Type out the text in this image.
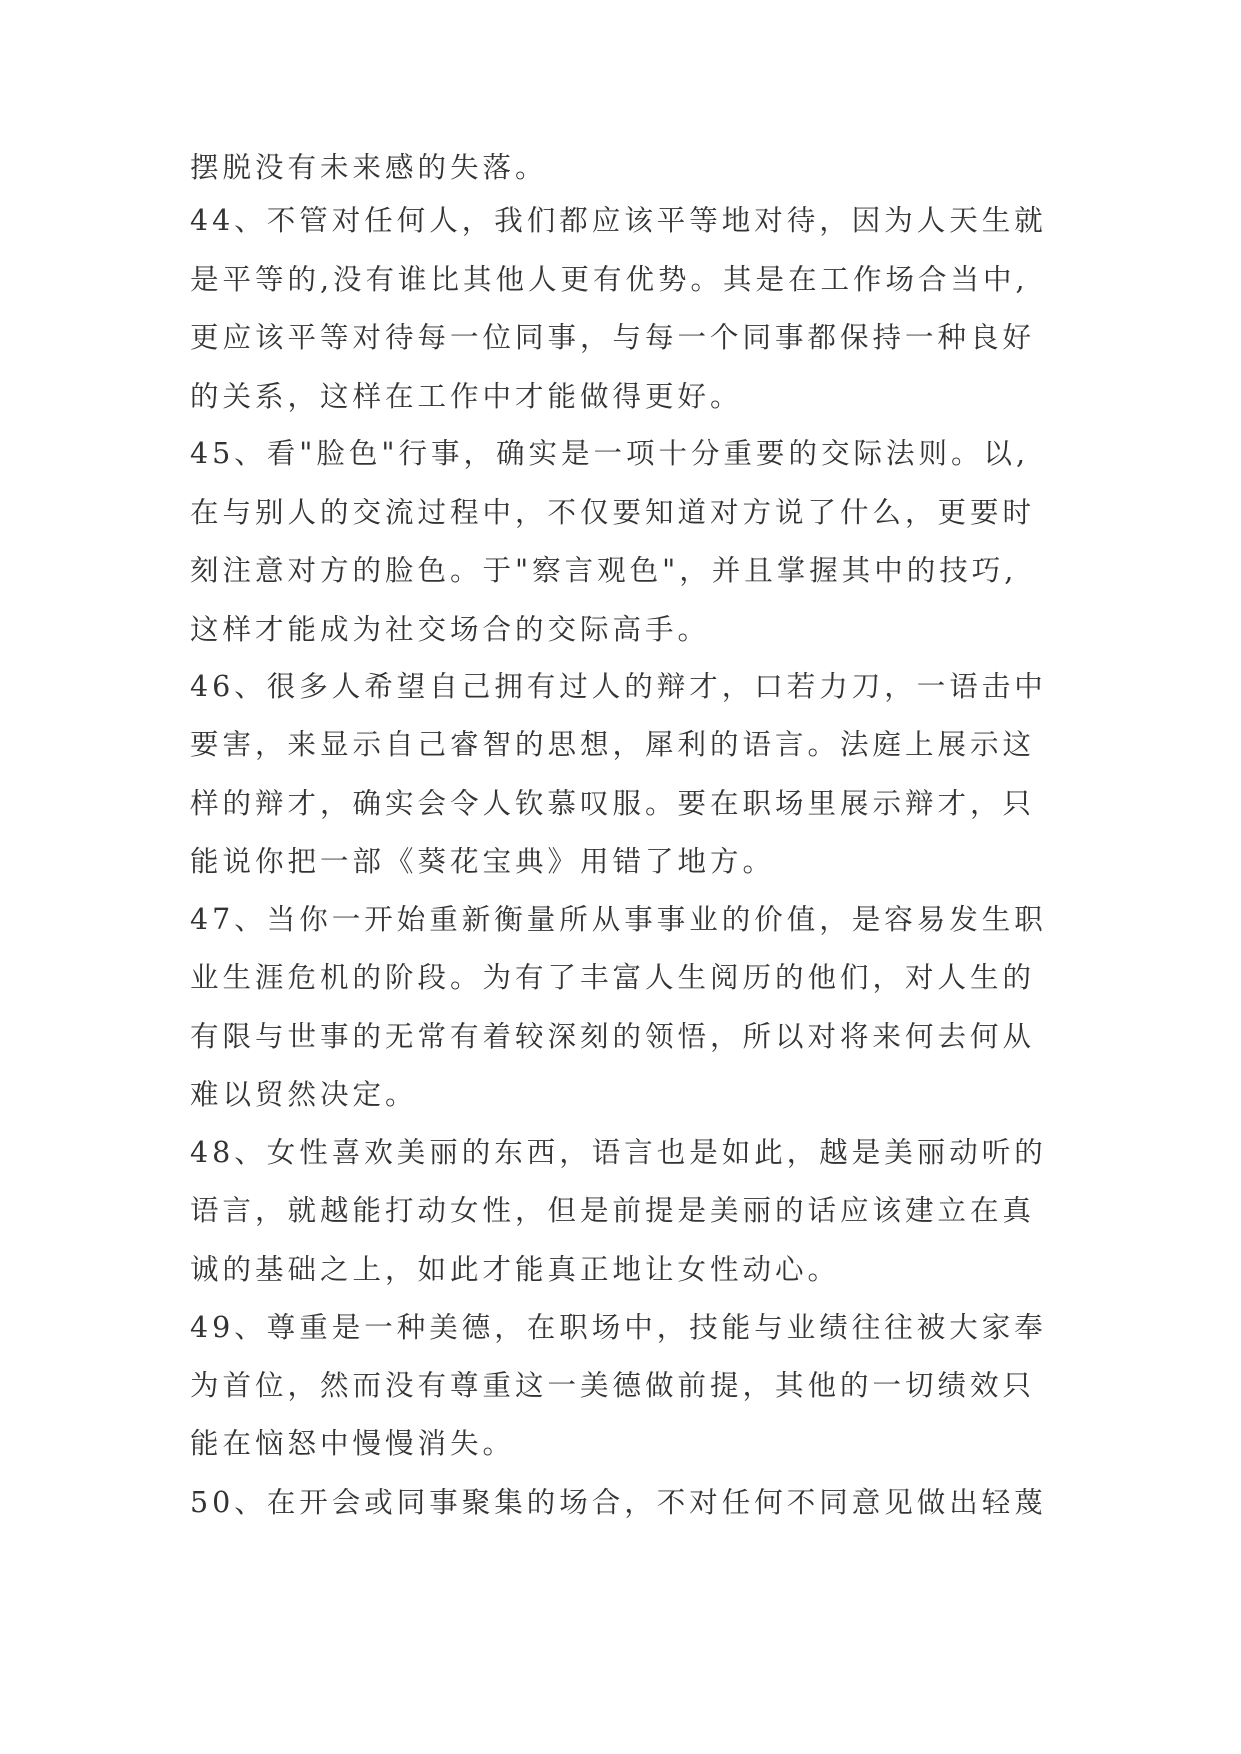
摆脱没有未来感的失落。

44、不管对任何人，我们都应该平等地对待，因为人天生就

是平等的,没有谁比其他人更有优势。其是在工作场合当中,

更应该平等对待每一位同事，与每一个同事都保持一种良好

的关系，这样在工作中才能做得更好。

45、看"脸色"行事，确实是一项十分重要的交际法则。以,

在与别人的交流过程中，不仅要知道对方说了什么，更要时

刻注意对方的脸色。于"察言观色"，并且掌握其中的技巧,

这样才能成为社交场合的交际高手。

46、很多人希望自己拥有过人的辩才，口若力刀，一语击中

要害，来显示自己睿智的思想，犀利的语言。法庭上展示这

样的辩才，确实会令人钦慕叹服。要在职场里展示辩才，只

能说你把一部《葵花宝典》用错了地方。

47、当你一开始重新衡量所从事事业的价值，是容易发生职

业生涯危机的阶段。为有了丰富人生阅历的他们，对人生的

有限与世事的无常有着较深刻的领悟，所以对将来何去何从

难以贸然决定。

48、女性喜欢美丽的东西，语言也是如此，越是美丽动听的

语言，就越能打动女性，但是前提是美丽的话应该建立在真

诚的基础之上，如此才能真正地让女性动心。

49、尊重是一种美德，在职场中，技能与业绩往往被大家奉

为首位，然而没有尊重这一美德做前提，其他的一切绩效只

能在恼怒中慢慢消失。

50、在开会或同事聚集的场合，不对任何不同意见做出轻蔑
